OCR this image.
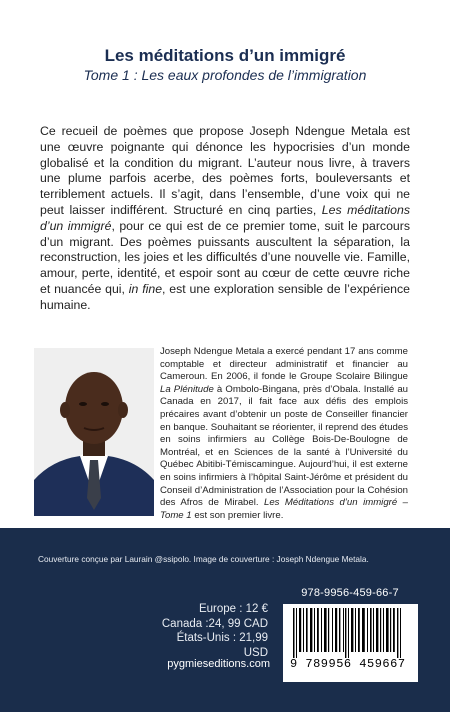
Les méditations d’un immigré
Tome 1 : Les eaux profondes de l’immigration

Ce recueil de poèmes que propose Joseph Ndengue Metala est une œuvre poignante qui dénonce les hypocrisies d’un monde globalisé et la condition du migrant. L’auteur nous livre, à travers une plume parfois acerbe, des poèmes forts, bouleversants et terriblement actuels. Il s’agit, dans l’ensemble, d’une voix qui ne peut laisser indifférent. Structuré en cinq parties, Les méditations d’un immigré, pour ce qui est de ce premier tome, suit le parcours d’un migrant. Des poèmes puissants auscultent la séparation, la reconstruction, les joies et les difficultés d’une nouvelle vie. Famille, amour, perte, identité, et espoir sont au cœur de cette œuvre riche et nuancée qui, in fine, est une exploration sensible de l’expérience humaine.

Joseph Ndengue Metala a exercé pendant 17 ans comme comptable et directeur administratif et financier au Cameroun. En 2006, il fonde le Groupe Scolaire Bilingue La Plénitude à Ombolo-Bingana, près d’Obala. Installé au Canada en 2017, il fait face aux défis des emplois précaires avant d’obtenir un poste de Conseiller financier en banque. Souhaitant se réorienter, il reprend des études en soins infirmiers au Collège Bois-De-Boulogne de Montréal, et en Sciences de la santé à l’Université du Québec Abitibi-Témiscamingue. Aujourd’hui, il est externe en soins infirmiers à l’hôpital Saint-Jérôme et président du Conseil d’Administration de l’Association pour la Cohésion des Afros de Mirabel. Les Méditations d’un immigré – Tome 1 est son premier livre.

Couverture conçue par Laurain @ssipolo. Image de couverture : Joseph Ndengue Metala.
Europe : 12 €
Canada :24, 99 CAD
États-Unis : 21,99 USD
pygmieseditions.com
978-9956-459-66-7
9 789956 459667
